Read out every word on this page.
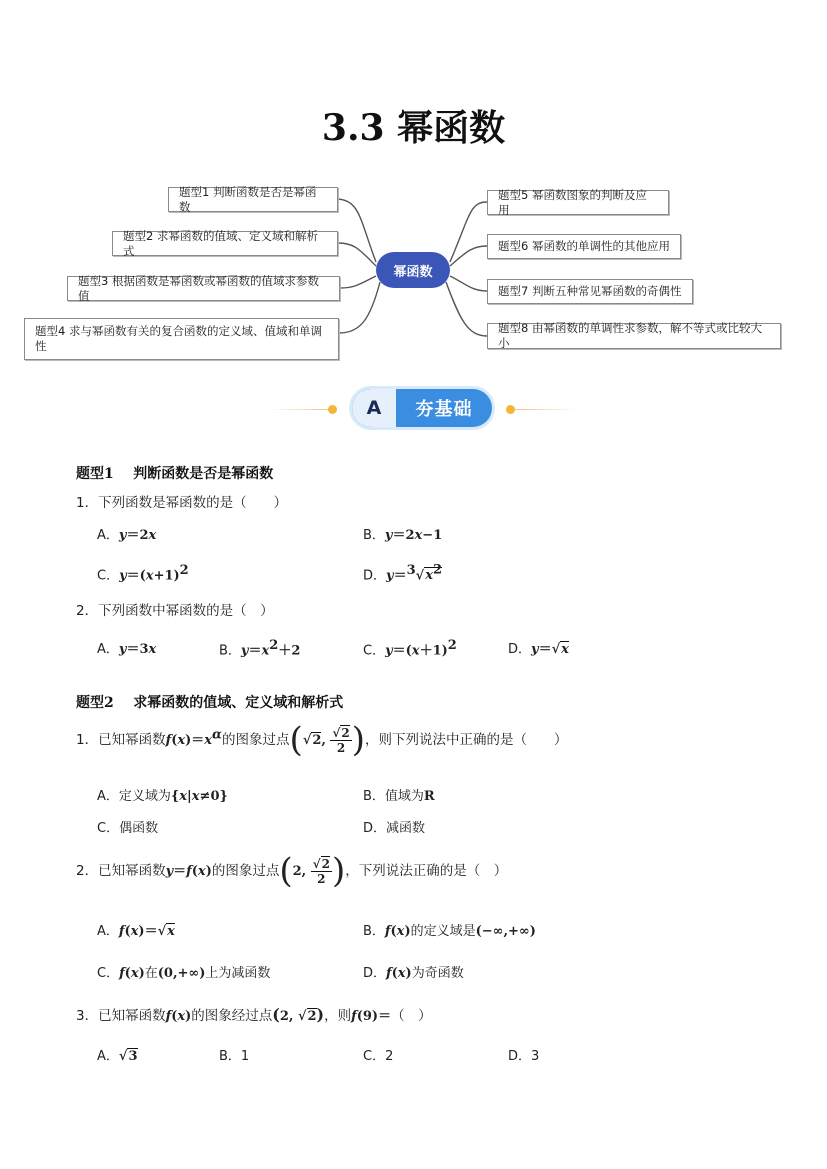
3.3 幂函数
题型1 判断函数是否是幂函数
题型2 求幂函数的值域、定义域和解析式
题型3 根据函数是幂函数或幂函数的值域求参数值
题型4 求与幂函数有关的复合函数的定义域、值域和单调性
幂函数
题型5 幂函数图象的判断及应用
题型6 幂函数的单调性的其他应用
题型7 判断五种常见幂函数的奇偶性
题型8 由幂函数的单调性求参数，解不等式或比较大小
A	夯基础
题型1    判断函数是否是幂函数
1．下列函数是幂函数的是（　　）
A．y＝2x	B．y＝2x−1
C．$y=(x+1)^2$	D．$y=^3√x^2$
2．下列函数中幂函数的是（　）
A．y＝3x	B．$y=x^2+2$	C．$y=(x+1)^2$	D．y＝√x
题型2    求幂函数的值域、定义域和解析式
1．已知幂函数$f(x)=x^\alpha$的图象过点(√2, $\frac{√2}{2}$ )，则下列说法中正确的是（　　）
A．定义域为{x|x≠0}	B．值域为R
C．偶函数	D．减函数
2．已知幂函数y＝f(x)的图象过点(2, $\frac{√2}{2}$ )，下列说法正确的是（　）
A．f(x)＝√x	B．f(x)的定义域是(−∞,+∞)
C．f(x)在(0,+∞)上为减函数	D．f(x)为奇函数
3．已知幂函数f(x)的图象经过点(2, √2)，则f(9)＝（　）
A．√3	B．1	C．2	D．3
